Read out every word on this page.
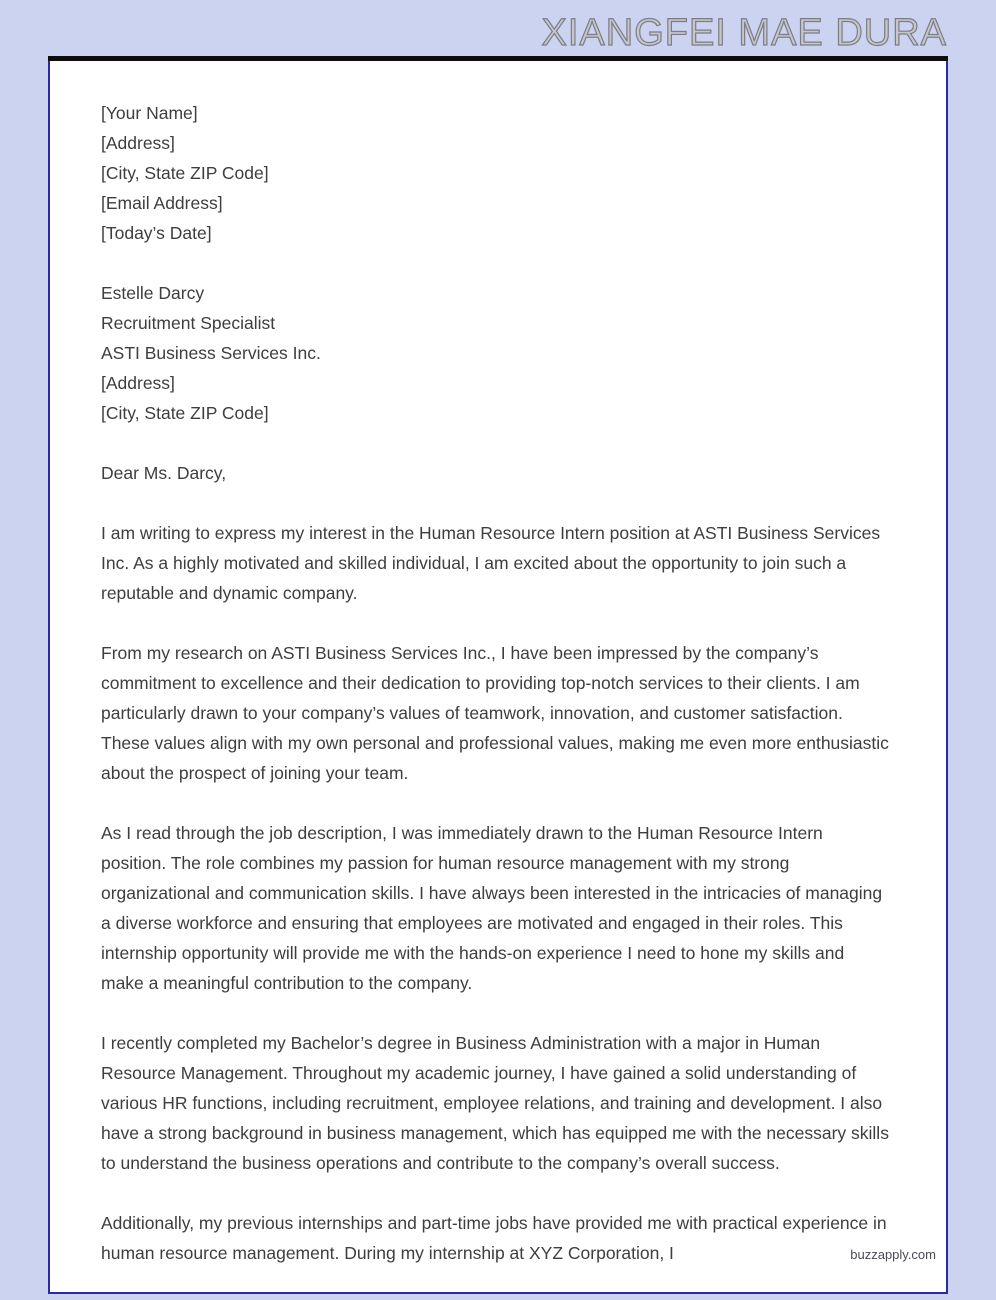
XIANGFEI MAE DURA
[Your Name]
[Address]
[City, State ZIP Code]
[Email Address]
[Today’s Date]
Estelle Darcy
Recruitment Specialist
ASTI Business Services Inc.
[Address]
[City, State ZIP Code]
Dear Ms. Darcy,

I am writing to express my interest in the Human Resource Intern position at ASTI Business Services Inc. As a highly motivated and skilled individual, I am excited about the opportunity to join such a reputable and dynamic company.

From my research on ASTI Business Services Inc., I have been impressed by the company’s commitment to excellence and their dedication to providing top-notch services to their clients. I am particularly drawn to your company’s values of teamwork, innovation, and customer satisfaction. These values align with my own personal and professional values, making me even more enthusiastic about the prospect of joining your team.

As I read through the job description, I was immediately drawn to the Human Resource Intern position. The role combines my passion for human resource management with my strong organizational and communication skills. I have always been interested in the intricacies of managing a diverse workforce and ensuring that employees are motivated and engaged in their roles. This internship opportunity will provide me with the hands-on experience I need to hone my skills and make a meaningful contribution to the company.

I recently completed my Bachelor’s degree in Business Administration with a major in Human Resource Management. Throughout my academic journey, I have gained a solid understanding of various HR functions, including recruitment, employee relations, and training and development. I also have a strong background in business management, which has equipped me with the necessary skills to understand the business operations and contribute to the company’s overall success.

Additionally, my previous internships and part-time jobs have provided me with practical experience in human resource management. During my internship at XYZ Corporation, I	buzzapply.com
